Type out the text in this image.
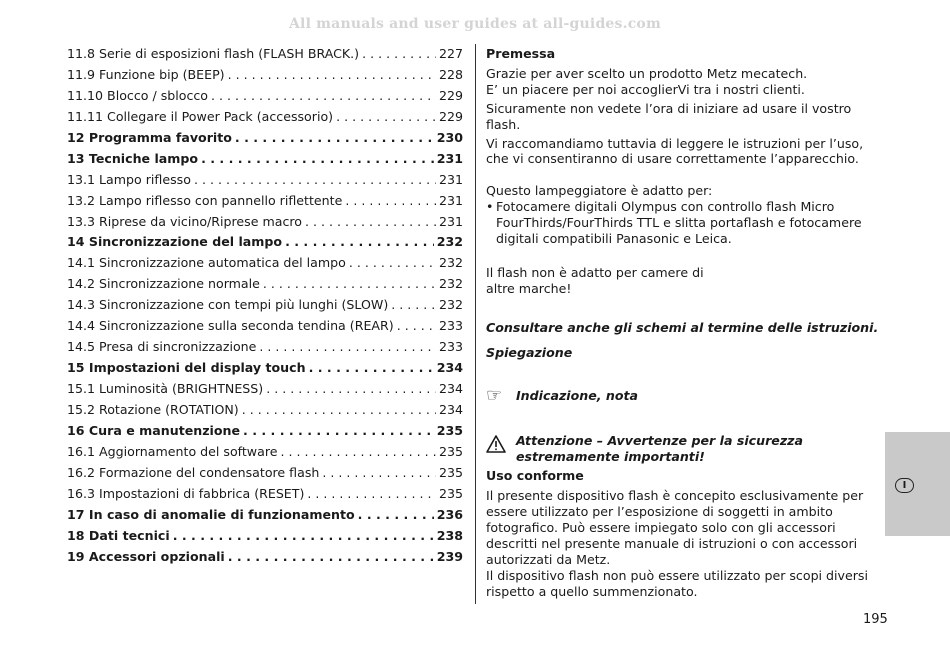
All manuals and user guides at all-guides.com
11.8 Serie di esposizioni flash (FLASH BRACK.) . . .	227
11.9 Funzione bip (BEEP) . . .	228
11.10 Blocco / sblocco . . .	229
11.11 Collegare il Power Pack (accessorio) . . .	229
12 Programma favorito . . .	230
13 Tecniche lampo . . .	231
13.1 Lampo riflesso . . .	231
13.2 Lampo riflesso con pannello riflettente . . .	231
13.3 Riprese da vicino/Riprese macro . . .	231
14 Sincronizzazione del lampo . . .	232
14.1 Sincronizzazione automatica del lampo . . .	232
14.2 Sincronizzazione normale . . .	232
14.3 Sincronizzazione con tempi più lunghi (SLOW) . . .	232
14.4 Sincronizzazione sulla seconda tendina (REAR) . . .	233
14.5 Presa di sincronizzazione . . .	233
15 Impostazioni del display touch . . .	234
15.1 Luminosità (BRIGHTNESS) . . .	234
15.2 Rotazione (ROTATION) . . .	234
16 Cura e manutenzione . . .	235
16.1 Aggiornamento del software . . .	235
16.2 Formazione del condensatore flash . . .	235
16.3 Impostazioni di fabbrica (RESET) . . .	235
17 In caso di anomalie di funzionamento . . .	236
18 Dati tecnici . . .	238
19 Accessori opzionali . . .	239

Premessa

Grazie per aver scelto un prodotto Metz mecatech.

E’ un piacere per noi accoglierVi tra i nostri clienti.

Sicuramente non vedete l’ora di iniziare ad usare il vostro flash.

Vi raccomandiamo tuttavia di leggere le istruzioni per l’uso, che vi consentiranno di usare correttamente l’apparecchio.

Questo lampeggiatore è adatto per:

• Fotocamere digitali Olympus con controllo flash Micro FourThirds/FourThirds TTL e slitta portaflash e fotocamere digitali compatibili Panasonic e Leica.

Il flash non è adatto per camere di altre marche!

Consultare anche gli schemi al termine delle istruzioni.

Spiegazione

☞	Indicazione, nota
Attenzione – Avvertenze per la sicurezza estremamente importanti!

Uso conforme

Il presente dispositivo flash è concepito esclusivamente per essere utilizzato per l’esposizione di soggetti in ambito fotografico. Può essere impiegato solo con gli accessori descritti nel presente manuale di istruzioni o con accessori autorizzati da Metz.

Il dispositivo flash non può essere utilizzato per scopi diversi rispetto a quello summenzionato.

I
195
